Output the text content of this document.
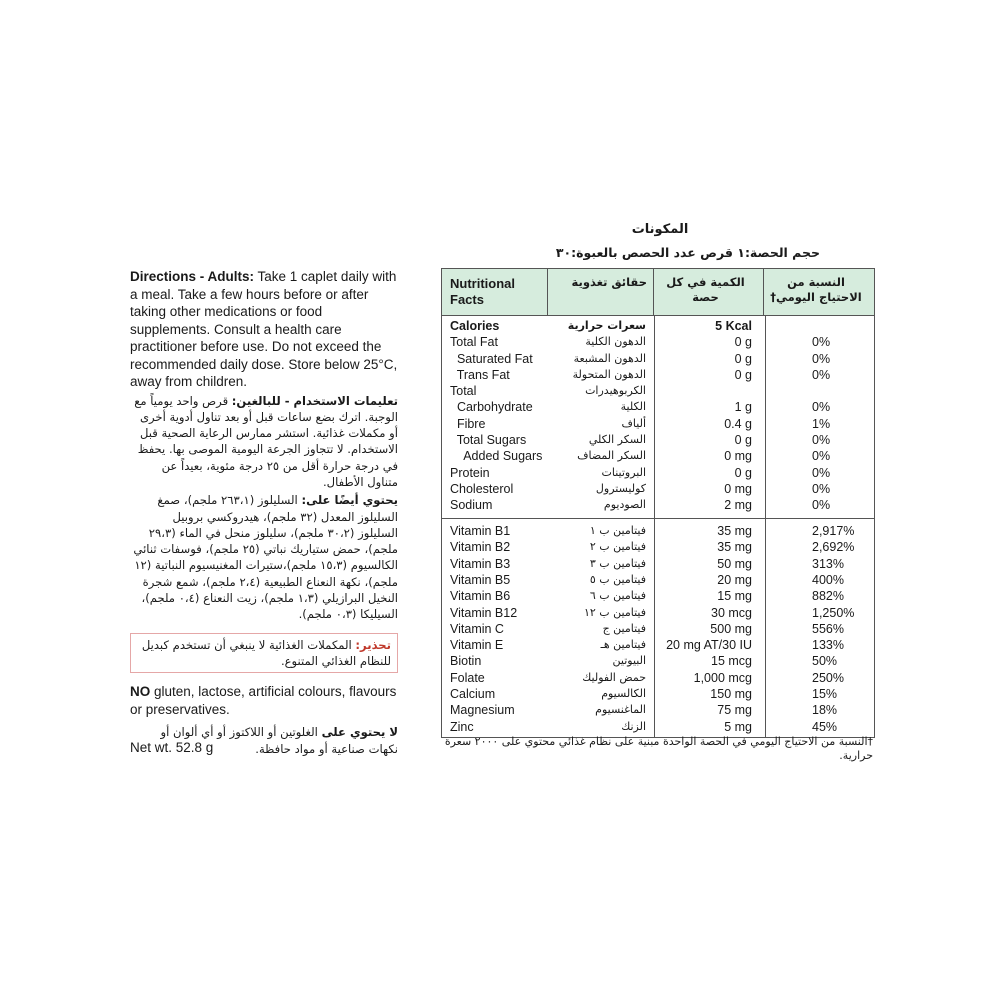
Directions - Adults: Take 1 caplet daily with a meal. Take a few hours before or after taking other medications or food supplements. Consult a health care practitioner before use. Do not exceed the recommended daily dose. Store below 25°C, away from children.

تعليمات الاستخدام - للبالغين: قرص واحد يومياً مع الوجبة. اترك بضع ساعات قبل أو بعد تناول أدوية أخرى أو مكملات غذائية. استشر ممارس الرعاية الصحية قبل الاستخدام. لا تتجاوز الجرعة اليومية الموصى بها. يحفظ في درجة حرارة أقل من ٢٥ درجة مئوية، بعيداً عن متناول الأطفال.

يحتوي أيضًا على: السليلوز (٢٦٣،١ ملجم)، صمغ السليلوز المعدل (٣٢ ملجم)، هيدروكسي بروبيل السليلوز (٣٠،٢ ملجم)، سليلوز منحل في الماء (٢٩،٣ ملجم)، حمض ستياريك نباتي (٢٥ ملجم)، فوسفات ثنائي الكالسيوم (١٥،٣ ملجم)،ستيرات المغنيسيوم النباتية (١٢ ملجم)، نكهة النعناع الطبيعية (٢،٤ ملجم)، شمع شجرة النخيل البرازيلي (١،٣ ملجم)، زيت النعناع (٠،٤ ملجم)، السيليكا (٠،٣ ملجم).

تحذير: المكملات الغذائية لا ينبغي أن تستخدم كبديل للنظام الغذائي المتنوع.

NO gluten, lactose, artificial colours, flavours or preservatives.

لا يحتوي على الغلوتين أو اللاكتوز أو أي ألوان أو نكهات صناعية أو مواد حافظة.

Net wt. 52.8 g
المكونات
حجم الحصة:١ قرص عدد الحصص بالعبوة:٣٠
Nutritional Facts
حقائق تغذوية	الكمية في كل حصة
النسبة من الاحتياج اليومي†
Calories	سعرات حرارية	5 Kcal
Total Fat	الدهون الكلية	0 g	0%
Saturated Fat	الدهون المشبعة	0 g	0%
Trans Fat	الدهون المتحولة	0 g	0%
Total	الكربوهيدرات
Carbohydrate	الكلية	1 g	0%
Fibre	ألياف	0.4 g	1%
Total Sugars	السكر الكلي	0 g	0%
Added Sugars	السكر المضاف	0 mg	0%
Protein	البروتينات	0 g	0%
Cholesterol	كوليسترول	0 mg	0%
Sodium	الصوديوم	2 mg	0%
Vitamin B1	فيتامين ب ١	35 mg	2,917%
Vitamin B2	فيتامين ب ٢	35 mg	2,692%
Vitamin B3	فيتامين ب ٣	50 mg	313%
Vitamin B5	فيتامين ب ٥	20 mg	400%
Vitamin B6	فيتامين ب ٦	15 mg	882%
Vitamin B12	فيتامين ب ١٢	30 mcg	1,250%
Vitamin C	فيتامين ج	500 mg	556%
Vitamin E	فيتامين هـ	20 mg AT/30 IU	133%
Biotin	البيوتين	15 mcg	50%
Folate	حمض الفوليك	1,000 mcg	250%
Calcium	الكالسيوم	150 mg	15%
Magnesium	الماغنسيوم	75 mg	18%
Zinc	الزنك	5 mg	45%
†النسبة من الاحتياج اليومي في الحصة الواحدة مبنية على نظام غذائي محتوي على ٢٠٠٠ سعرة حرارية.
